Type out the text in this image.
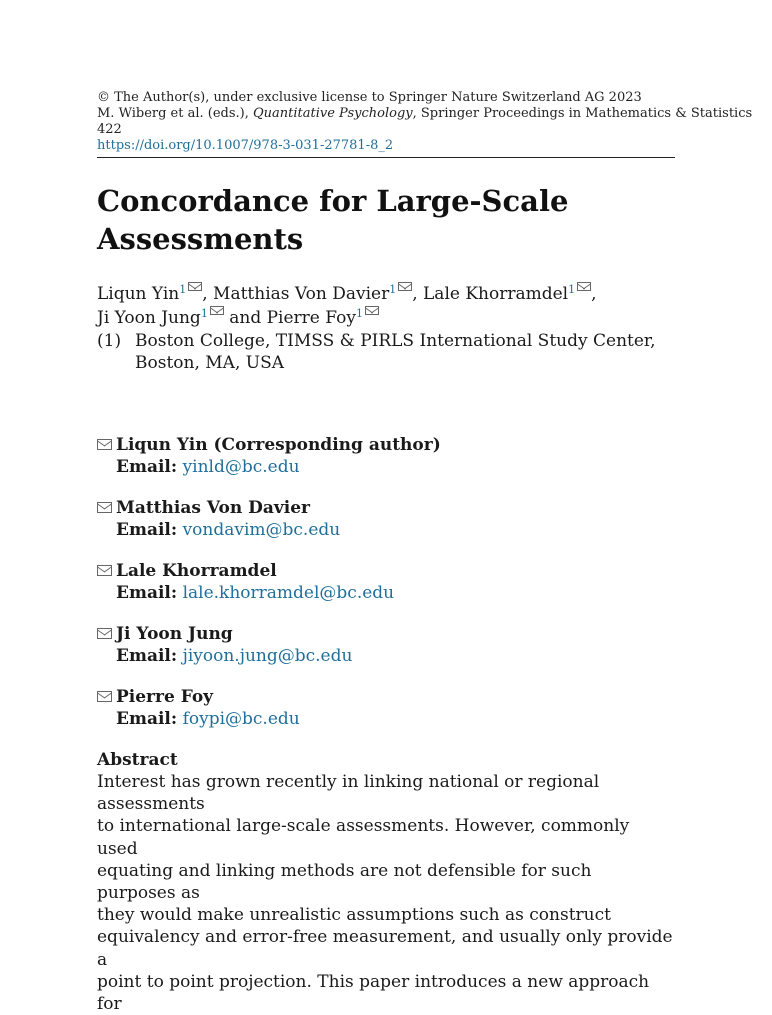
© The Author(s), under exclusive license to Springer Nature Switzerland AG 2023
M. Wiberg et al. (eds.), Quantitative Psychology, Springer Proceedings in Mathematics & Statistics
422
https://doi.org/10.1007/978-3-031-27781-8_2
Concordance for Large-Scale Assessments
Liqun Yin$^1$ , Matthias Von Davier$^1$ , Lale Khorramdel$^1$ ,
Ji Yoon Jung$^1$ and Pierre Foy$^1$
(1) Boston College, TIMSS & PIRLS International Study Center, Boston, MA, USA
Liqun Yin (Corresponding author)
Email: yinld@bc.edu
Matthias Von Davier
Email: vondavim@bc.edu
Lale Khorramdel
Email: lale.khorramdel@bc.edu
Ji Yoon Jung
Email: jiyoon.jung@bc.edu
Pierre Foy
Email: foypi@bc.edu
Abstract
Interest has grown recently in linking national or regional assessments
to international large-scale assessments. However, commonly used
equating and linking methods are not defensible for such purposes as
they would make unrealistic assumptions such as construct
equivalency and error-free measurement, and usually only provide a
point to point projection. This paper introduces a new approach for
